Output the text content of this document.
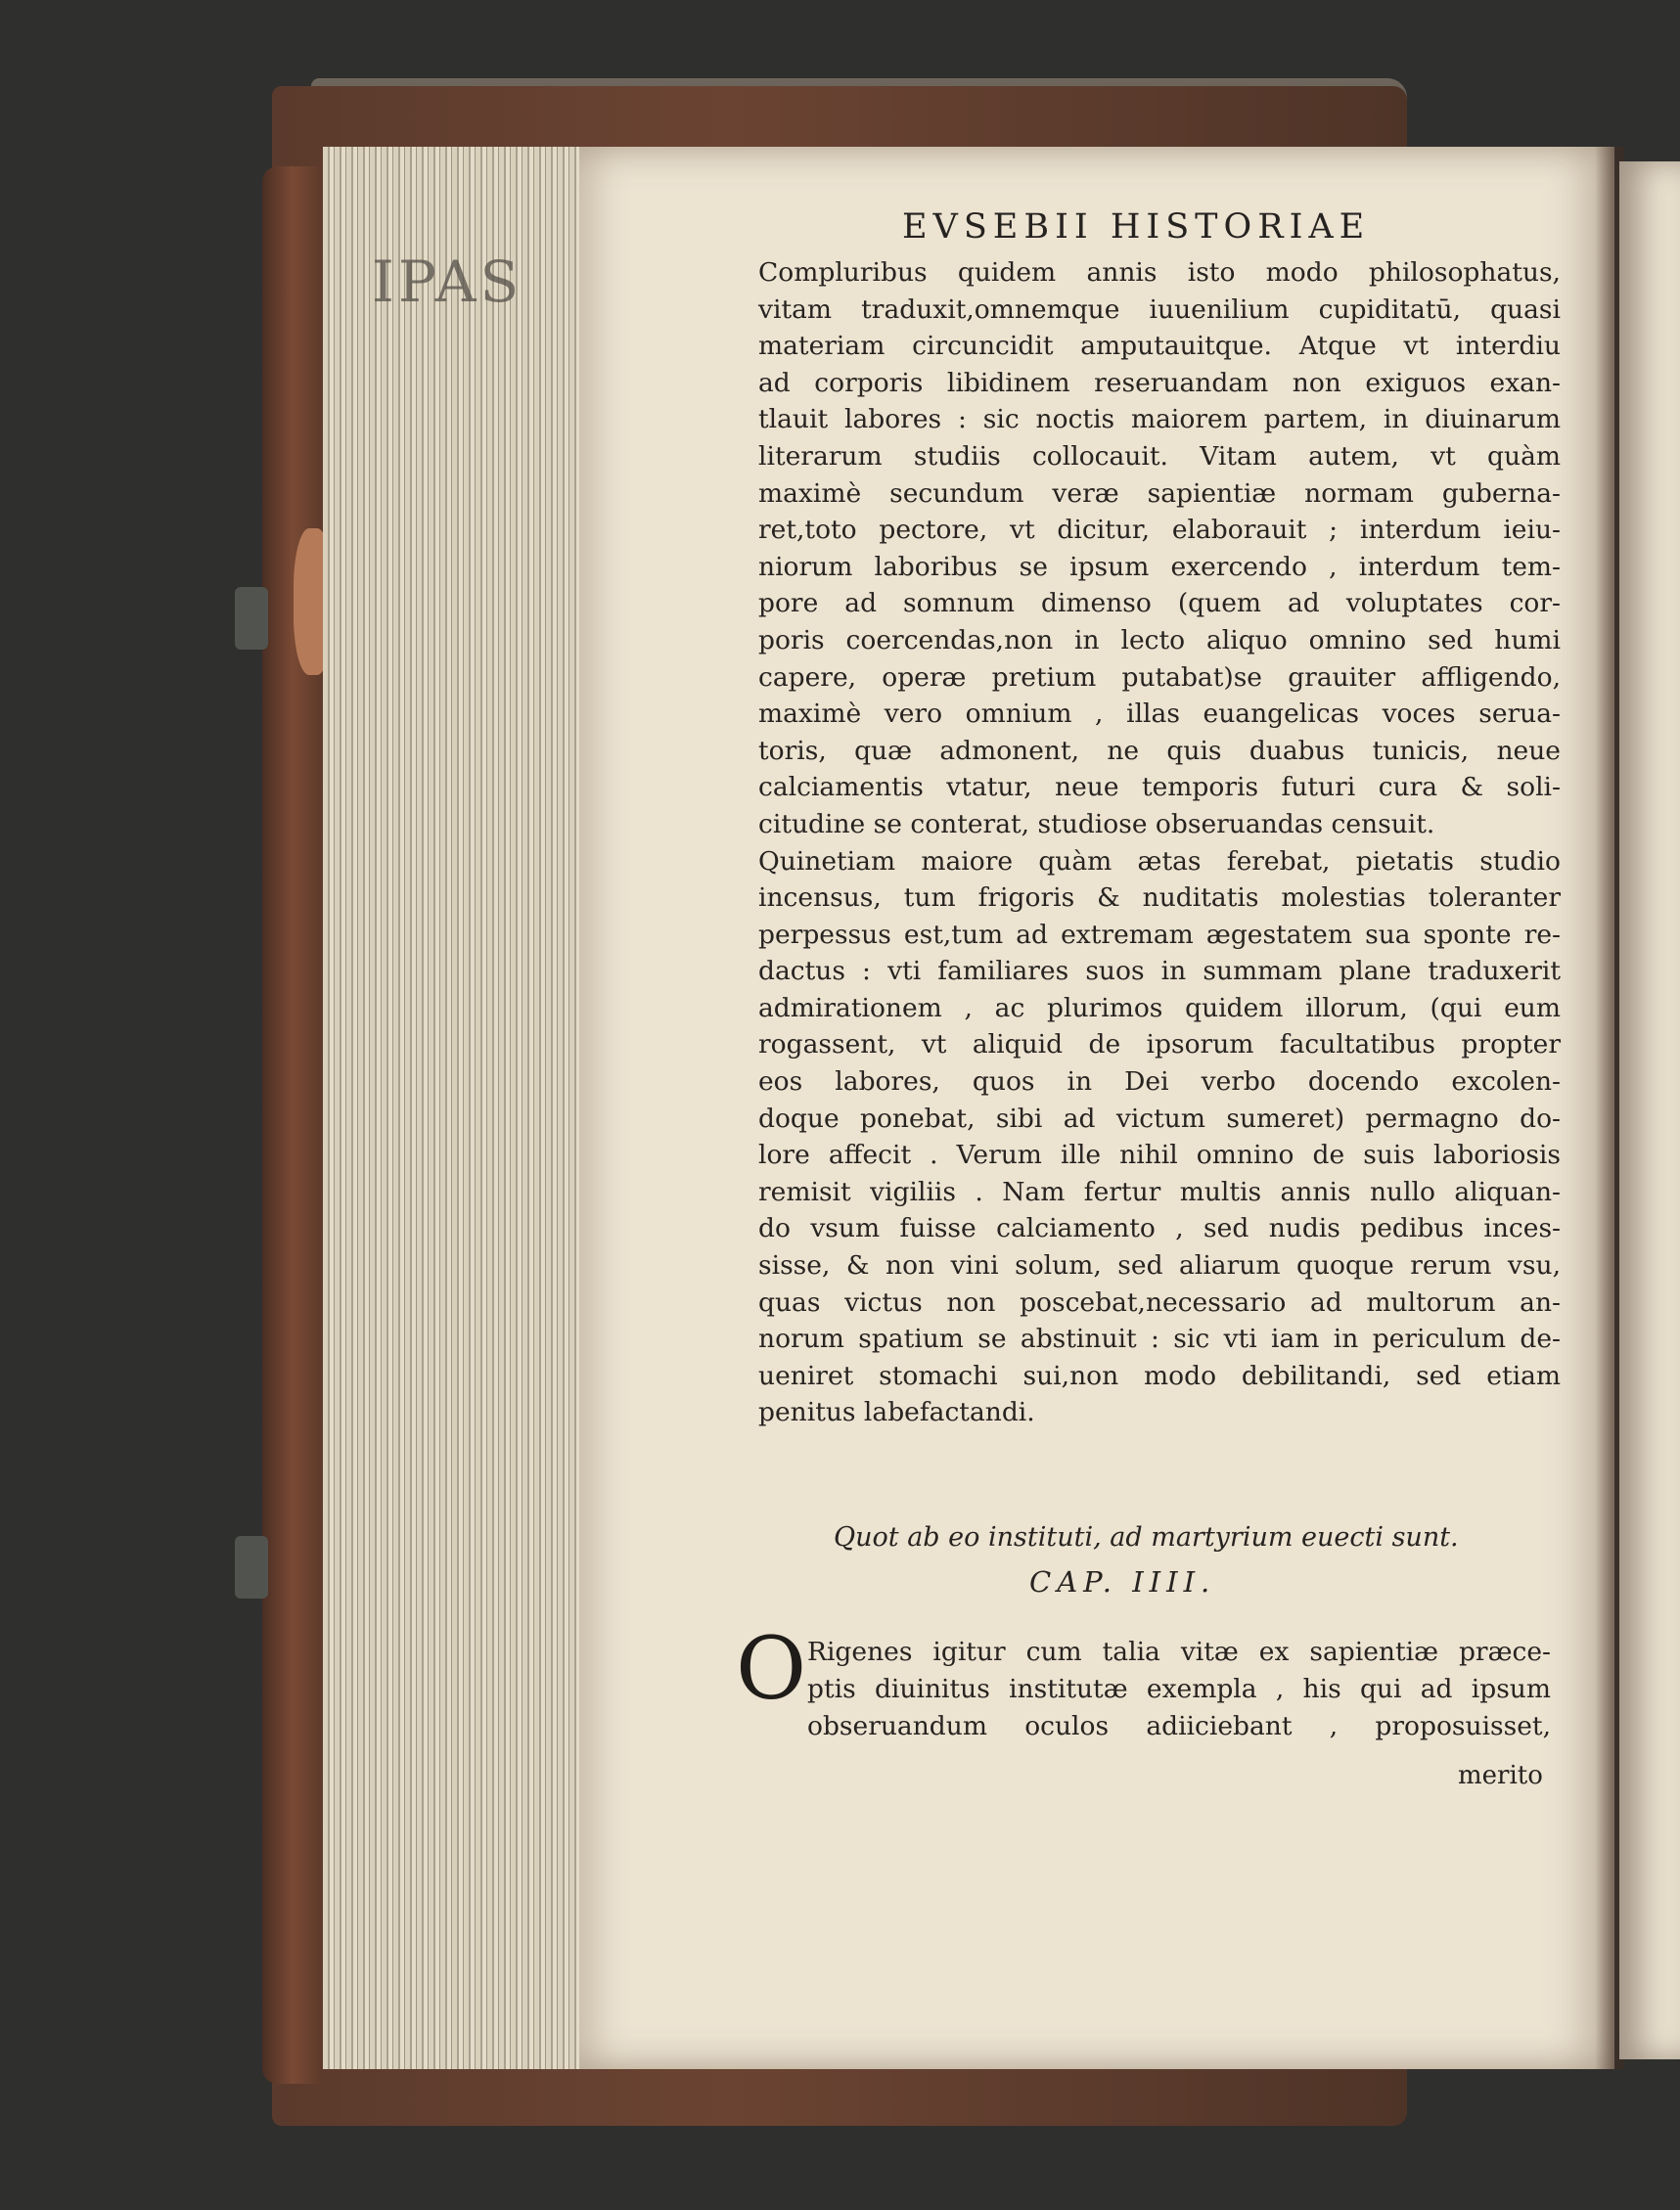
IPAS
EVSEBII HISTORIAE
Compluribus quidem annis isto modo philosophatus,
vitam traduxit,omnemque iuuenilium cupiditatū, quasi
materiam circuncidit amputauitque. Atque vt interdiu
ad corporis libidinem reseruandam non exiguos exan-
tlauit labores : sic noctis maiorem partem, in diuinarum
literarum studiis collocauit. Vitam autem, vt quàm
maximè secundum veræ sapientiæ normam guberna-
ret,toto pectore, vt dicitur, elaborauit ; interdum ieiu-
niorum laboribus se ipsum exercendo , interdum tem-
pore ad somnum dimenso (quem ad voluptates cor-
poris coercendas,non in lecto aliquo omnino sed humi
capere, operæ pretium putabat)se grauiter affligendo,
maximè vero omnium , illas euangelicas voces serua-
toris, quæ admonent, ne quis duabus tunicis, neue
calciamentis vtatur, neue temporis futuri cura & soli-
citudine se conterat, studiose obseruandas censuit.
Quinetiam maiore quàm ætas ferebat, pietatis studio
incensus, tum frigoris & nuditatis molestias toleranter
perpessus est,tum ad extremam ægestatem sua sponte re-
dactus : vti familiares suos in summam plane traduxerit
admirationem , ac plurimos quidem illorum, (qui eum
rogassent, vt aliquid de ipsorum facultatibus propter
eos labores, quos in Dei verbo docendo excolen-
doque ponebat, sibi ad victum sumeret) permagno do-
lore affecit . Verum ille nihil omnino de suis laboriosis
remisit vigiliis . Nam fertur multis annis nullo aliquan-
do vsum fuisse calciamento , sed nudis pedibus inces-
sisse, & non vini solum, sed aliarum quoque rerum vsu,
quas victus non poscebat,necessario ad multorum an-
norum spatium se abstinuit : sic vti iam in periculum de-
ueniret stomachi sui,non modo debilitandi, sed etiam
penitus labefactandi.
Quot ab eo instituti, ad martyrium euecti sunt.
CAP. IIII.
O Rigenes igitur cum talia vitæ ex sapientiæ præce-
ptis diuinitus institutæ exempla , his qui ad ipsum
obseruandum oculos adiiciebant , proposuisset,
merito
